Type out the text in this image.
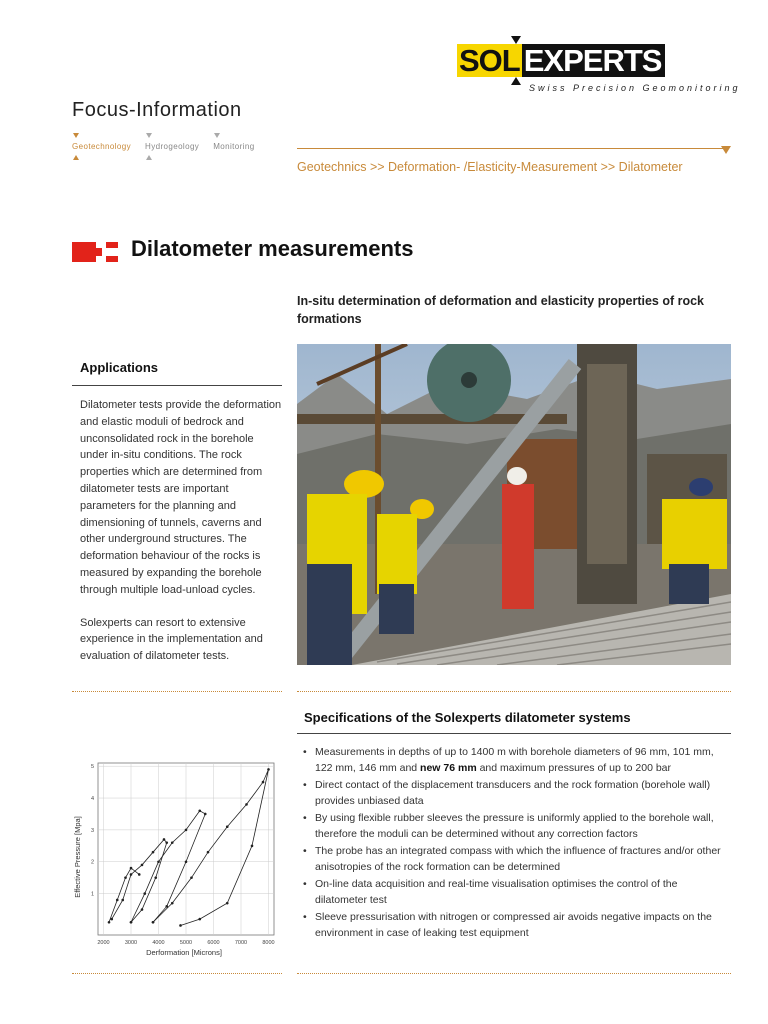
SOL EXPERTS
Swiss Precision Geomonitoring
Focus-Information
Geotechnology Hydrogeology Monitoring
Geotechnics >> Deformation- /Elasticity-Measurement >> Dilatometer
Dilatometer measurements
In-situ determination of deformation and elasticity properties of rock formations
Applications

Dilatometer tests provide the deformation and elastic moduli of bedrock and unconsolidated rock in the borehole under in-situ conditions. The rock properties which are determined from dilatometer tests are important parameters for the planning and dimensioning of tunnels, caverns and other underground structures. The deformation behaviour of the rocks is measured by expanding the borehole through multiple load-unload cycles.

Solexperts can resort to extensive experience in the implementation and evaluation of dilatometer tests.

Specifications of the Solexperts dilatometer systems
• Measurements in depths of up to 1400 m with borehole diameters of 96 mm, 101 mm, 122 mm, 146 mm and new 76 mm and maximum pressures of up to 200 bar
• Direct contact of the displacement transducers and the rock formation (borehole wall) provides unbiased data
• By using flexible rubber sleeves the pressure is uniformly applied to the borehole wall, therefore the moduli can be determined without any correction factors
• The probe has an integrated compass with which the influence of fractures and/or other anisotropies of the rock formation can be determined
• On-line data acquisition and real-time visualisation optimises the control of the dilatometer test
• Sleeve pressurisation with nitrogen or compressed air avoids negative impacts on the environment in case of leaking test equipment
2000	3000	4000	5000	6000	7000	8000
1
2
3
4
5
Derformation [Microns]
Effective Pressure [Mpa]
